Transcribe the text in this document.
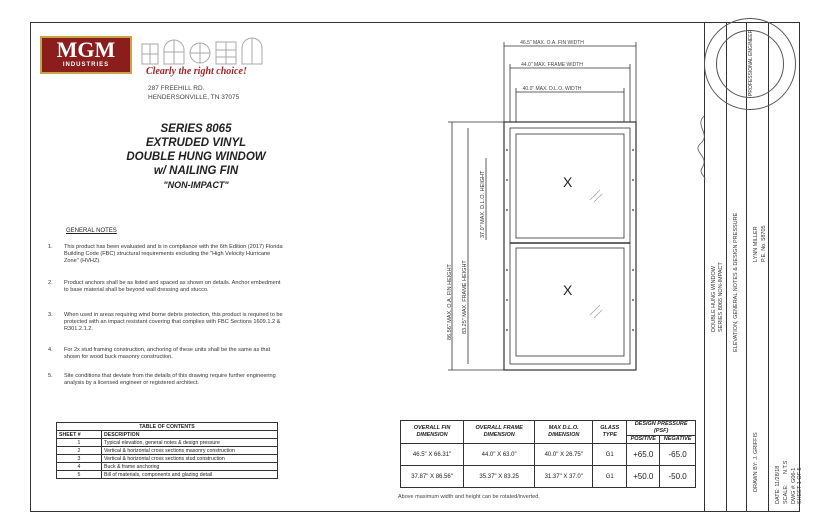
MGM
INDUSTRIES
Clearly the right choice!
287 FREEHILL RD.
HENDERSONVILLE, TN 37075
SERIES 8065
EXTRUDED VINYL
DOUBLE HUNG WINDOW
w/ NAILING FIN
"NON-IMPACT"
GENERAL NOTES
1. This product has been evaluated and is in compliance with the 6th Edition (2017) Florida Building Code (FBC) structural requirements excluding the "High Velocity Hurricane Zone" (HVHZ).
2. Product anchors shall be as listed and spaced as shown on details. Anchor embedment to base material shall be beyond wall dressing and stucco.
3. When used in areas requiring wind borne debris protection, this product is required to be protected with an impact resistant covering that complies with FBC Sections 1609.1.2 & R301.2.1.2.
4. For 2x stud framing construction, anchoring of these units shall be the same as that shown for wood buck masonry construction.
5. Site conditions that deviate from the details of this drawing require further engineering analysis by a licensed engineer or registered architect.
TABLE OF CONTENTS	
SHEET #	DESCRIPTION
1	Typical elevation, general notes & design pressure
2	Vertical & horizontal cross sections masonry construction
3	Vertical & horizontal cross sections stud construction
4	Buck & frame anchoring
5	Bill of materials, components and glazing detail
46.5" MAX. O.A. FIN WIDTH
44.0" MAX. FRAME WIDTH
40.0" MAX. D.L.O. WIDTH
86.56" MAX. O.A. FIN HEIGHT 83.25" MAX. FRAME HEIGHT
37.0" MAX. D.L.O. HEIGHT	X
X
OVERALL FIN DIMENSION	OVERALL FRAME DIMENSION	MAX D.L.O. DIMENSION	GLASS TYPE	DESIGN PRESSURE (PSF)	
				POSITIVE	NEGATIVE
46.5" X 66.31"	44.0" X 63.0"	40.0" X 26.75"	G1	+65.0	-65.0
37.87" X 86.56"	35.37" X 83.25	31.37" X 37.0"	G1	+50.0	-50.0
Above maximum width and height can be rotated/inverted.
DOUBLE HUNG WINDOW SERIES 8065 NON-IMPACT ELEVATION, GENERAL NOTES & DESIGN PRESSURE	LYNN MILLER P.E. No. 58705
DRAWN BY: J. GRIFFIS	DATE: 11/28/18 SCALE:
N.T.S.
DWG #: G06-1 SHEET 1 OF 5
PROFESSIONAL ENGINEER
